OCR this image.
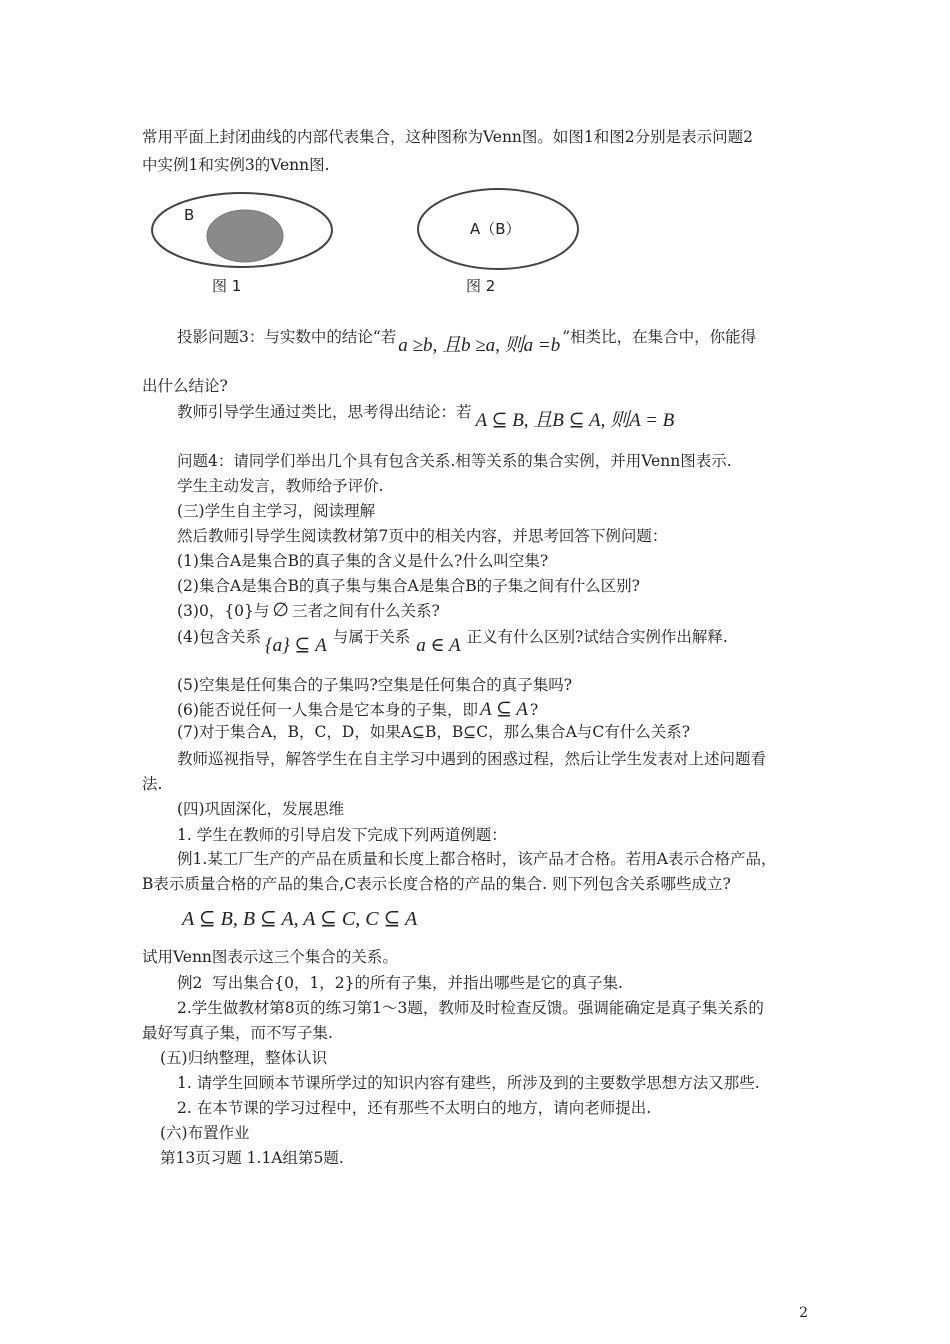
常用平面上封闭曲线的内部代表集合，这种图称为Venn图。如图1和图2分别是表示问题2
中实例1和实例3的Venn图.
B
图 1
A（B）
图 2
投影问题3：与实数中的结论“若 a ≥b, 且b ≥a, 则a =b ”相类比，在集合中，你能得
出什么结论?
教师引导学生通过类比，思考得出结论：若 A ⊆ B, 且B ⊆ A, 则A = B
问题4：请同学们举出几个具有包含关系.相等关系的集合实例，并用Venn图表示.
学生主动发言，教师给予评价.
(三)学生自主学习，阅读理解
然后教师引导学生阅读教材第7页中的相关内容，并思考回答下例问题：
(1)集合A是集合B的真子集的含义是什么?什么叫空集?
(2)集合A是集合B的真子集与集合A是集合B的子集之间有什么区别?
(3)0，{0}与 ∅ 三者之间有什么关系?
(4)包含关系 {a} ⊆ A 与属于关系 a ∈ A 正义有什么区别?试结合实例作出解释.
(5)空集是任何集合的子集吗?空集是任何集合的真子集吗?
(6)能否说任何一人集合是它本身的子集，即 A ⊆ A ?
(7)对于集合A，B，C，D，如果A⊆B，B⊆C，那么集合A与C有什么关系?
教师巡视指导，解答学生在自主学习中遇到的困惑过程，然后让学生发表对上述问题看
法.
(四)巩固深化，发展思维
1. 学生在教师的引导启发下完成下列两道例题：
例1.某工厂生产的产品在质量和长度上都合格时，该产品才合格。若用A表示合格产品，
B表示质量合格的产品的集合,C表示长度合格的产品的集合. 则下列包含关系哪些成立?
A ⊆ B, B ⊆ A, A ⊆ C, C ⊆ A
试用Venn图表示这三个集合的关系。
例2  写出集合{0，1，2}的所有子集，并指出哪些是它的真子集.
2.学生做教材第8页的练习第1～3题，教师及时检查反馈。强调能确定是真子集关系的
最好写真子集，而不写子集.
(五)归纳整理，整体认识
1. 请学生回顾本节课所学过的知识内容有建些，所涉及到的主要数学思想方法又那些.
2. 在本节课的学习过程中，还有那些不太明白的地方，请向老师提出.
(六)布置作业
第13页习题 1.1A组第5题.
2
